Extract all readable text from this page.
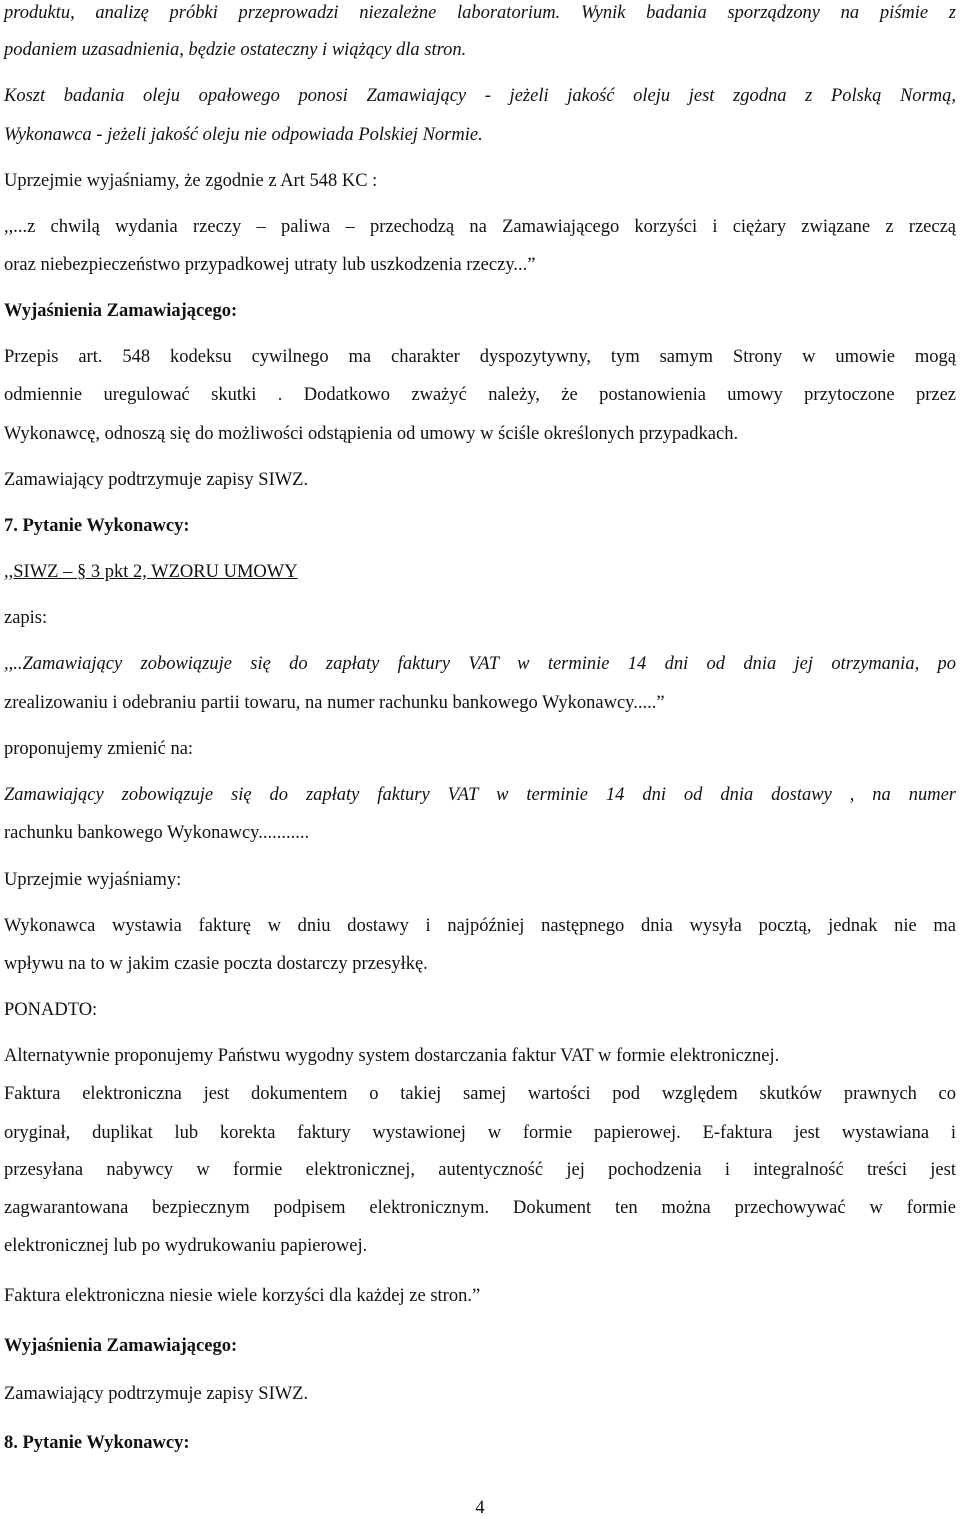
produktu, analizę próbki przeprowadzi niezależne laboratorium. Wynik badania sporządzony na piśmie z
podaniem uzasadnienia, będzie ostateczny i wiążący dla stron.
Koszt badania oleju opałowego ponosi Zamawiający - jeżeli jakość oleju jest zgodna z Polską Normą,
Wykonawca - jeżeli jakość oleju nie odpowiada Polskiej Normie.
Uprzejmie wyjaśniamy, że zgodnie z Art 548 KC :
,,...z chwilą wydania rzeczy – paliwa – przechodzą na Zamawiającego korzyści i ciężary związane z rzeczą
oraz niebezpieczeństwo przypadkowej utraty lub uszkodzenia rzeczy...”
Wyjaśnienia Zamawiającego:
Przepis art. 548 kodeksu cywilnego ma charakter dyspozytywny, tym samym Strony w umowie mogą
odmiennie uregulować skutki . Dodatkowo zważyć należy, że postanowienia umowy przytoczone przez
Wykonawcę, odnoszą się do możliwości odstąpienia od umowy w ściśle określonych przypadkach.
Zamawiający podtrzymuje zapisy SIWZ.
7. Pytanie Wykonawcy:
,,SIWZ – § 3 pkt 2, WZORU UMOWY
zapis:
,,..Zamawiający zobowiązuje się do zapłaty faktury VAT w terminie 14 dni od dnia jej otrzymania, po
zrealizowaniu i odebraniu partii towaru, na numer rachunku bankowego Wykonawcy.....”
proponujemy zmienić na:
Zamawiający zobowiązuje się do zapłaty faktury VAT w terminie 14 dni od dnia dostawy , na numer
rachunku bankowego Wykonawcy...........
Uprzejmie wyjaśniamy:
Wykonawca wystawia fakturę w dniu dostawy i najpóźniej następnego dnia wysyła pocztą, jednak nie ma
wpływu na to w jakim czasie poczta dostarczy przesyłkę.
PONADTO:
Alternatywnie proponujemy Państwu wygodny system dostarczania faktur VAT w formie elektronicznej.
Faktura elektroniczna jest dokumentem o takiej samej wartości pod względem skutków prawnych co
oryginał, duplikat lub korekta faktury wystawionej w formie papierowej. E-faktura jest wystawiana i
przesyłana nabywcy w formie elektronicznej, autentyczność jej pochodzenia i integralność treści jest
zagwarantowana bezpiecznym podpisem elektronicznym. Dokument ten można przechowywać w formie
elektronicznej lub po wydrukowaniu papierowej.
Faktura elektroniczna niesie wiele korzyści dla każdej ze stron.”
Wyjaśnienia Zamawiającego:
Zamawiający podtrzymuje zapisy SIWZ.
8. Pytanie Wykonawcy:
4
